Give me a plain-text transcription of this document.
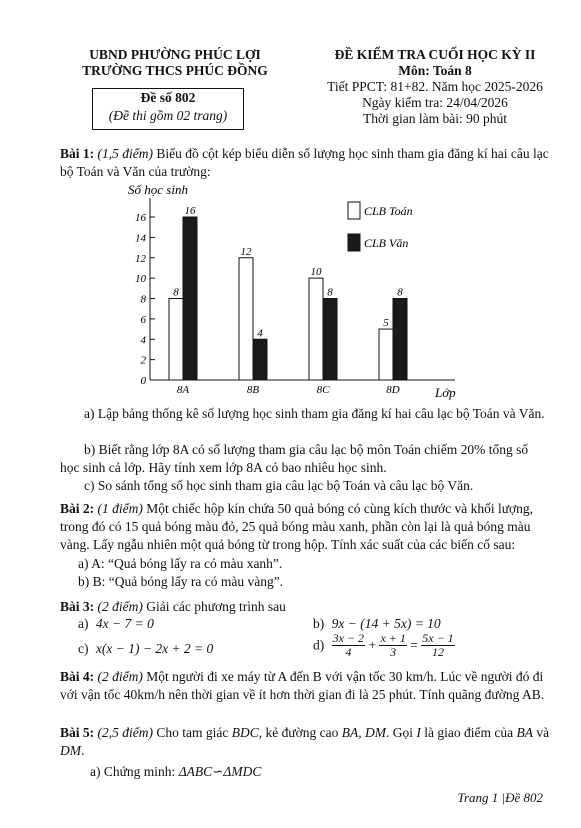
UBND PHƯỜNG PHÚC LỢI
TRƯỜNG THCS PHÚC ĐỒNG
ĐỀ KIỂM TRA CUỐI HỌC KỲ II
Môn: Toán 8
Tiết PPCT: 81+82. Năm học 2025-2026
Ngày kiểm tra: 24/04/2026
Thời gian làm bài: 90 phút
Đề số 802
(Đề thi gồm 02 trang)
Bài 1: (1,5 điểm) Biểu đồ cột kép biểu diễn số lượng học sinh tham gia đăng kí hai câu lạc bộ Toán và Văn của trường:
Số học sinh
Lớp
0
2
4
6
8
10
12
14
16
8
16
8A
12
4
8B
10
8
8C
5
8
8D
CLB Toán
CLB Văn
a) Lập bảng thống kê số lượng học sinh tham gia đăng kí hai câu lạc bộ Toán và Văn.
b) Biết rằng lớp 8A có số lượng tham gia câu lạc bộ môn Toán chiếm 20% tổng số học sinh cả lớp. Hãy tính xem lớp 8A có bao nhiêu học sinh.
c) So sánh tổng số học sinh tham gia câu lạc bộ Toán và câu lạc bộ Văn.
Bài 2: (1 điểm) Một chiếc hộp kín chứa 50 quả bóng có cùng kích thước và khối lượng, trong đó có 15 quả bóng màu đỏ, 25 quả bóng màu xanh, phần còn lại là quả bóng màu vàng. Lấy ngẫu nhiên một quả bóng từ trong hộp. Tính xác suất của các biến cố sau:
a) A: “Quả bóng lấy ra có màu xanh”.
b) B: “Quả bóng lấy ra có màu vàng”.
Bài 3: (2 điểm) Giải các phương trình sau
a) 4x − 7 = 0	b) 9x − (14 + 5x) = 10
c) x(x − 1) − 2x + 2 = 0	$d) \frac{3x - 2}{4} + \frac{x + 1}{3} = \frac{5x - 1}{12}$
Bài 4: (2 điểm) Một người đi xe máy từ A đến B với vận tốc 30 km/h. Lúc về người đó đi với vận tốc 40km/h nên thời gian về ít hơn thời gian đi là 25 phút. Tính quãng đường AB.
Bài 5: (2,5 điểm) Cho tam giác BDC, kẻ đường cao BA, DM. Gọi I là giao điểm của BA và DM.
a) Chứng minh: ΔABC∽ΔMDC
Trang 1 |Đề 802
